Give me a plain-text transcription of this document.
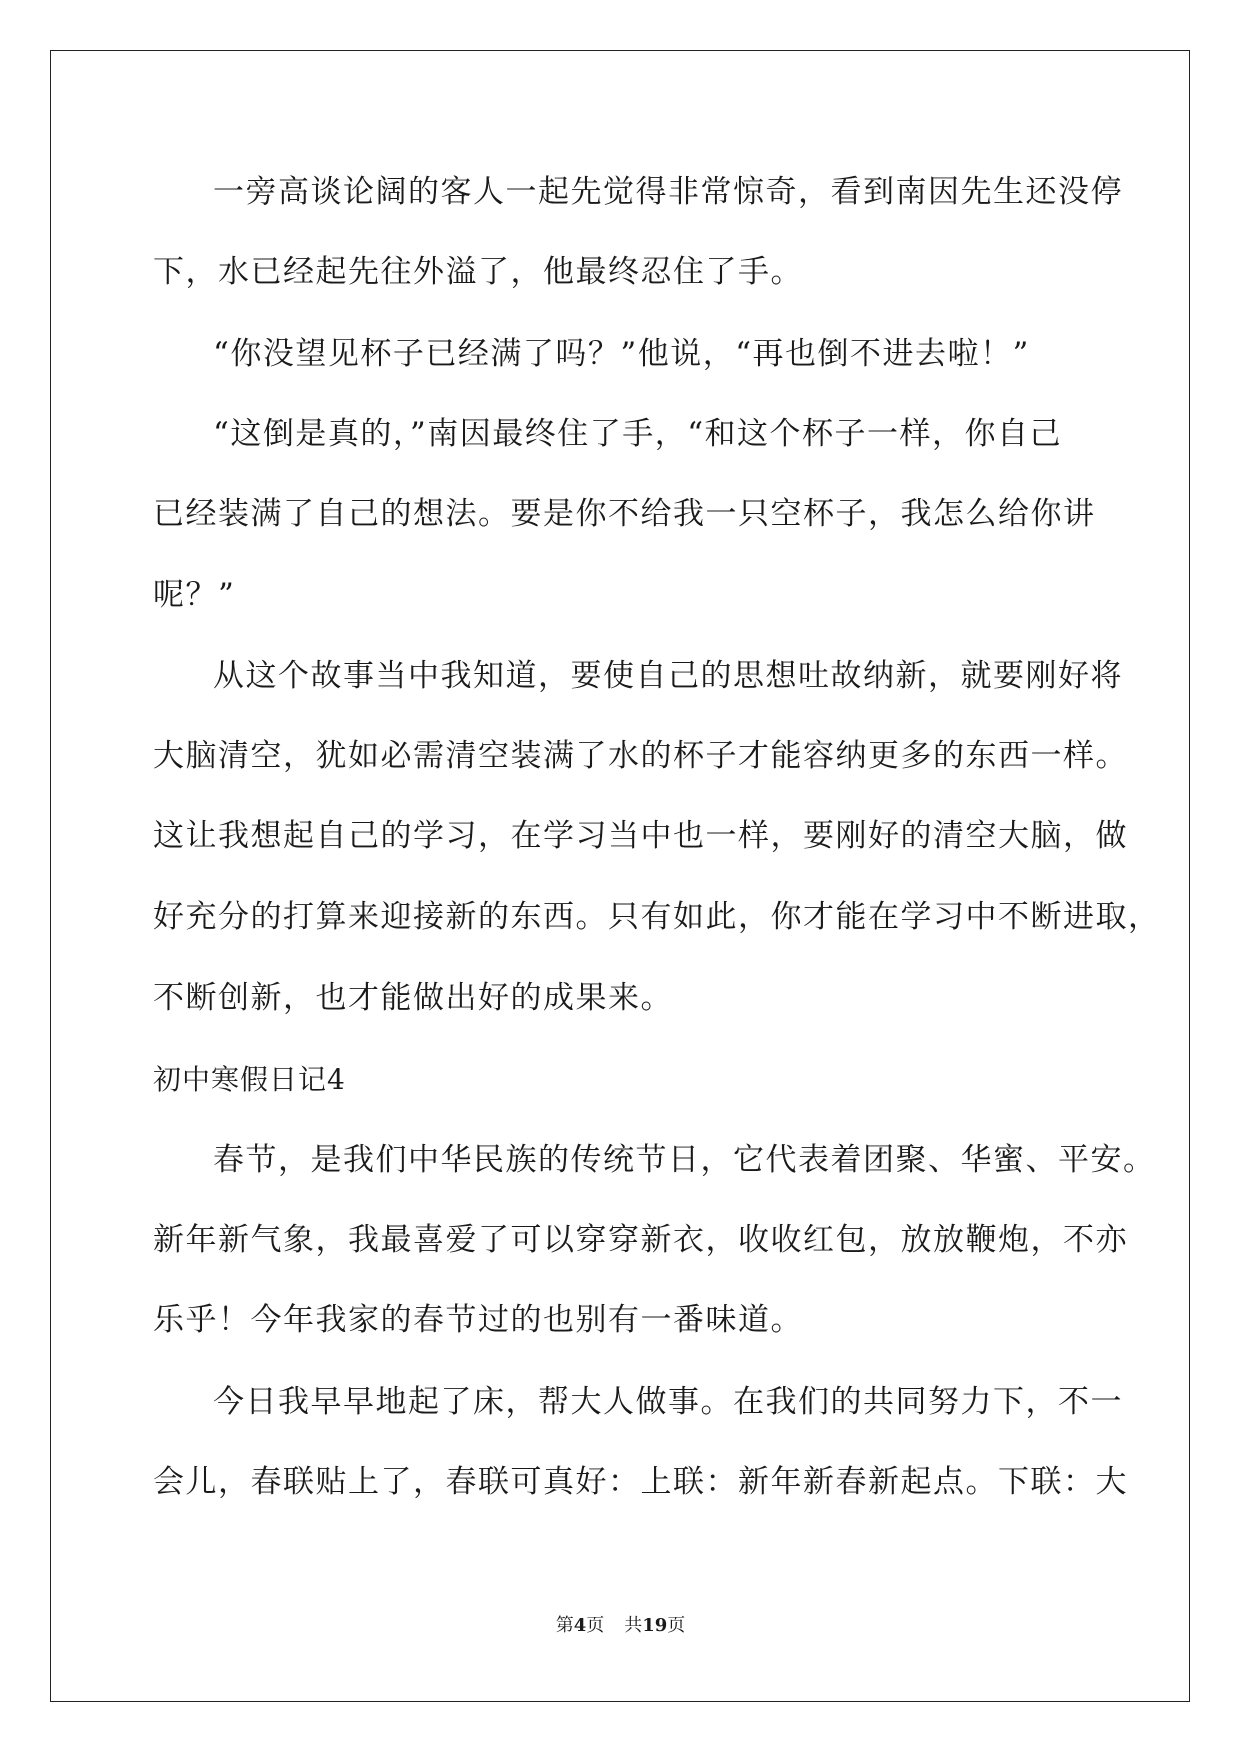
一旁高谈论阔的客人一起先觉得非常惊奇，看到南因先生还没停
下，水已经起先往外溢了，他最终忍住了手。
“你没望见杯子已经满了吗？”他说，“再也倒不进去啦！”
“这倒是真的，”南因最终住了手，“和这个杯子一样，你自己
已经装满了自己的想法。要是你不给我一只空杯子，我怎么给你讲
呢？”
从这个故事当中我知道，要使自己的思想吐故纳新，就要刚好将
大脑清空，犹如必需清空装满了水的杯子才能容纳更多的东西一样。
这让我想起自己的学习，在学习当中也一样，要刚好的清空大脑，做
好充分的打算来迎接新的东西。只有如此，你才能在学习中不断进取，
不断创新，也才能做出好的成果来。
初中寒假日记4
春节，是我们中华民族的传统节日，它代表着团聚、华蜜、平安。
新年新气象，我最喜爱了可以穿穿新衣，收收红包，放放鞭炮，不亦
乐乎！今年我家的春节过的也别有一番味道。
今日我早早地起了床，帮大人做事。在我们的共同努力下，不一
会儿，春联贴上了，春联可真好：上联：新年新春新起点。下联：大
第4页 共19页
